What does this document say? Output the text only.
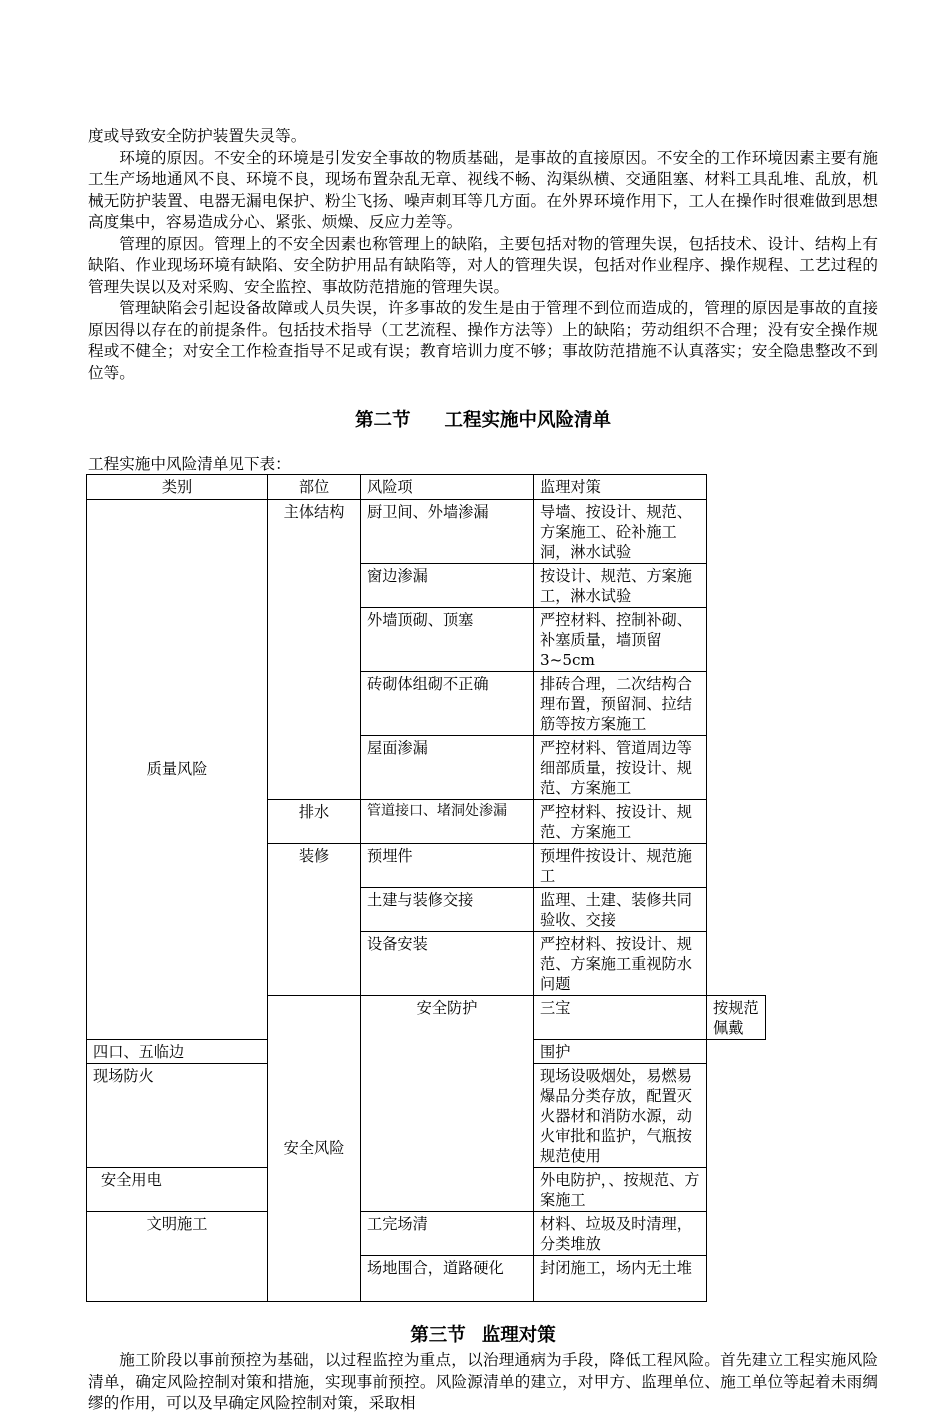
度或导致安全防护装置失灵等。

环境的原因。不安全的环境是引发安全事故的物质基础，是事故的直接原因。不安全的工作环境因素主要有施工生产场地通风不良、环境不良，现场布置杂乱无章、视线不畅、沟渠纵横、交通阻塞、材料工具乱堆、乱放，机械无防护装置、电器无漏电保护、粉尘飞扬、噪声刺耳等几方面。在外界环境作用下，工人在操作时很难做到思想高度集中，容易造成分心、紧张、烦燥、反应力差等。

管理的原因。管理上的不安全因素也称管理上的缺陷，主要包括对物的管理失误，包括技术、设计、结构上有缺陷、作业现场环境有缺陷、安全防护用品有缺陷等，对人的管理失误，包括对作业程序、操作规程、工艺过程的管理失误以及对采购、安全监控、事故防范措施的管理失误。

管理缺陷会引起设备故障或人员失误，许多事故的发生是由于管理不到位而造成的，管理的原因是事故的直接原因得以存在的前提条件。包括技术指导（工艺流程、操作方法等）上的缺陷；劳动组织不合理；没有安全操作规程或不健全；对安全工作检查指导不足或有误；教育培训力度不够；事故防范措施不认真落实；安全隐患整改不到位等。

第二节 工程实施中风险清单

工程实施中风险清单见下表：

类别	部位	风险项	监理对策	
质量风险	主体结构	厨卫间、外墙渗漏	导墙、按设计、规范、方案施工、砼补施工洞，淋水试验	
		窗边渗漏	按设计、规范、方案施工，淋水试验	
		外墙顶砌、顶塞	严控材料、控制补砌、补塞质量，墙顶留3~5cm	
		砖砌体组砌不正确	排砖合理，二次结构合理布置，预留洞、拉结筋等按方案施工	
		屋面渗漏	严控材料、管道周边等细部质量，按设计、规范、方案施工	
	排水	管道接口、堵洞处渗漏	严控材料、按设计、规范、方案施工	
	装修	预埋件	预埋件按设计、规范施工	
		土建与装修交接	监理、土建、装修共同验收、交接	
		设备安装	严控材料、按设计、规范、方案施工重视防水问题	
	安全风险	安全防护	三宝	按规范佩戴
四口、五临边			围护	
现场防火			现场设吸烟处，易燃易爆品分类存放，配置灭火器材和消防水源，动火审批和监护，气瓶按规范使用	
安全用电			外电防护，、按规范、方案施工	
文明施工		工完场清	材料、垃圾及时清理，分类堆放	
		场地围合，道路硬化	封闭施工，场内无土堆	
第三节 监理对策

施工阶段以事前预控为基础，以过程监控为重点，以治理通病为手段，降低工程风险。首先建立工程实施风险清单，确定风险控制对策和措施，实现事前预控。风险源清单的建立，对甲方、监理单位、施工单位等起着未雨绸缪的作用，可以及早确定风险控制对策，采取相
